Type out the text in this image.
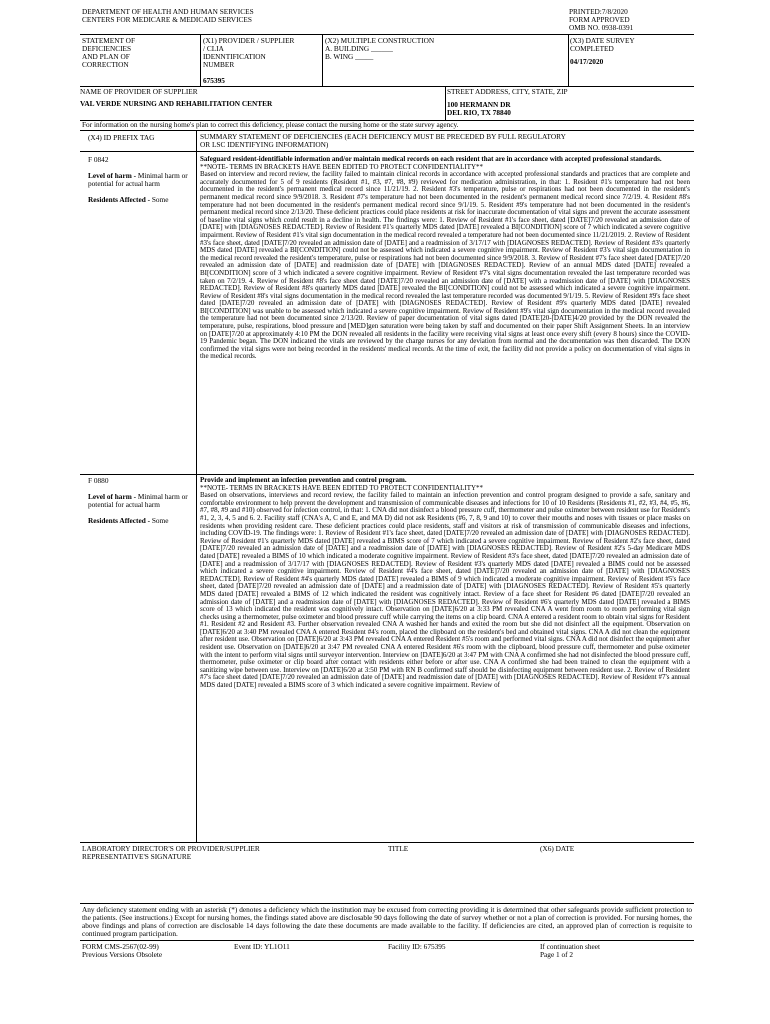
DEPARTMENT OF HEALTH AND HUMAN SERVICES
CENTERS FOR MEDICARE & MEDICAID SERVICES
PRINTED:7/8/2020
FORM APPROVED
OMB NO. 0938-0391
STATEMENT OF
DEFICIENCIES
AND PLAN OF
CORRECTION
(X1) PROVIDER / SUPPLIER
/ CLIA
IDENNTIFICATION
NUMBER
675395
(X2) MULTIPLE CONSTRUCTION
A. BUILDING ______
B. WING _____
(X3) DATE SURVEY
COMPLETED
04/17/2020
NAME OF PROVIDER OF SUPPLIER
VAL VERDE NURSING AND REHABILITATION CENTER
STREET ADDRESS, CITY, STATE, ZIP
100 HERMANN DR
DEL RIO, TX 78840
For information on the nursing home's plan to correct this deficiency, please contact the nursing home or the state survey agency.
(X4) ID PREFIX TAG	SUMMARY STATEMENT OF DEFICIENCIES (EACH DEFICIENCY MUST BE PRECEDED BY FULL REGULATORY
OR LSC IDENTIFYING INFORMATION)
F 0842
Level of harm - Minimal harm or potential for actual harm
Residents Affected - Some
Safeguard resident-identifiable information and/or maintain medical records on each resident that are in accordance with accepted professional standards.
**NOTE- TERMS IN BRACKETS HAVE BEEN EDITED TO PROTECT CONFIDENTIALITY**
Based on interview and record review, the facility failed to maintain clinical records in accordance with accepted professional standards and practices that are complete and accurately documented for 5 of 9 residents (Resident #1, #3, #7, #8, #9) reviewed for medication administration, in that: 1. Resident #1's temperature had not been documented in the resident's permanent medical record since 11/21/19. 2. Resident #3's temperature, pulse or respirations had not been documented in the resident's permanent medical record since 9/9/2018. 3. Resident #7's temperature had not been documented in the resident's permanent medical record since 7/2/19. 4. Resident #8's temperature had not been documented in the resident's permanent medical record since 9/1/19. 5. Resident #9's temperature had not been documented in the resident's permanent medical record since 2/13/20. These deficient practices could place residents at risk for inaccurate documentation of vital signs and prevent the accurate assessment of baseline vital signs which could result in a decline in health. The findings were: 1. Review of Resident #1's face sheet, dated [DATE]7/20 revealed an admission date of [DATE] with [DIAGNOSES REDACTED]. Review of Resident #1's quarterly MDS dated [DATE] revealed a BI[CONDITION] score of 7 which indicated a severe cognitive impairment. Review of Resident #1's vital sign documentation in the medical record revealed a temperature had not been documented since 11/21/2019. 2. Review of Resident #3's face sheet, dated [DATE]7/20 revealed an admission date of [DATE] and a readmission of 3/17/17 with [DIAGNOSES REDACTED]. Review of Resident #3's quarterly MDS dated [DATE] revealed a BI[CONDITION] could not be assessed which indicated a severe cognitive impairment. Review of Resident #3's vital sign documentation in the medical record revealed the resident's temperature, pulse or respirations had not been documented since 9/9/2018. 3. Review of Resident #7's face sheet dated [DATE]7/20 revealed an admission date of [DATE] and readmission date of [DATE] with [DIAGNOSES REDACTED]. Review of an annual MDS dated [DATE] revealed a BI[CONDITION] score of 3 which indicated a severe cognitive impairment. Review of Resident #7's vital signs documentation revealed the last temperature recorded was taken on 7/2/19. 4. Review of Resident #8's face sheet dated [DATE]7/20 revealed an admission date of [DATE] with a readmission date of [DATE] with [DIAGNOSES REDACTED]. Review of Resident #8's quarterly MDS dated [DATE] revealed the BI[CONDITION] could not be assessed which indicated a severe cognitive impairment. Review of Resident #8's vital signs documentation in the medical record revealed the last temperature recorded was documented 9/1/19. 5. Review of Resident #9's face sheet dated [DATE]7/20 revealed an admission date of [DATE] with [DIAGNOSES REDACTED]. Review of Resident #9's quarterly MDS dated [DATE] revealed BI[CONDITION] was unable to be assessed which indicated a severe cognitive impairment. Review of Resident #9's vital sign documentation in the medical record revealed the temperature had not been documented since 2/13/20. Review of paper documentation of vital signs dated [DATE]20-[DATE]4/20 provided by the DON revealed the temperature, pulse, respirations, blood pressure and [MED]gen saturation were being taken by staff and documented on their paper Shift Assignment Sheets. In an interview on [DATE]7/20 at approximately 4:10 PM the DON revealed all residents in the facility were receiving vital signs at least once every shift (every 8 hours) since the COVID-19 Pandemic began. The DON indicated the vitals are reviewed by the charge nurses for any deviation from normal and the documentation was then discarded. The DON confirmed the vital signs were not being recorded in the residents' medical records. At the time of exit, the facility did not provide a policy on documentation of vital signs in the medical records.
F 0880
Level of harm - Minimal harm or potential for actual harm
Residents Affected - Some
Provide and implement an infection prevention and control program.
**NOTE- TERMS IN BRACKETS HAVE BEEN EDITED TO PROTECT CONFIDENTIALITY**
Based on observations, interviews and record review, the facility failed to maintain an infection prevention and control program designed to provide a safe, sanitary and comfortable environment to help prevent the development and transmission of communicable diseases and infections for 10 of 10 Residents (Residents #1, #2, #3, #4, #5, #6, #7, #8, #9 and #10) observed for infection control, in that: 1. CNA did not disinfect a blood pressure cuff, thermometer and pulse oximeter between resident use for Resident's #1, 2, 3, 4, 5 and 6. 2. Facility staff (CNA's A, C and E, and MA D) did not ask Residents (#6, 7, 8, 9 and 10) to cover their mouths and noses with tissues or place masks on residents when providing resident care. These deficient practices could place residents, staff and visitors at risk of transmission of communicable diseases and infections, including COVID-19. The findings were: 1. Review of Resident #1's face sheet, dated [DATE]7/20 revealed an admission date of [DATE] with [DIAGNOSES REDACTED]. Review of Resident #1's quarterly MDS dated [DATE] revealed a BIMS score of 7 which indicated a severe cognitive impairment. Review of Resident #2's face sheet, dated [DATE]7/20 revealed an admission date of [DATE] and a readmission date of [DATE] with [DIAGNOSES REDACTED]. Review of Resident #2's 5-day Medicare MDS dated [DATE] revealed a BIMS of 10 which indicated a moderate cognitive impairment. Review of Resident #3's face sheet, dated [DATE]7/20 revealed an admission date of [DATE] and a readmission of 3/17/17 with [DIAGNOSES REDACTED]. Review of Resident #3's quarterly MDS dated [DATE] revealed a BIMS could not be assessed which indicated a severe cognitive impairment. Review of Resident #4's face sheet, dated [DATE]7/20 revealed an admission date of [DATE] with [DIAGNOSES REDACTED]. Review of Resident #4's quarterly MDS dated [DATE] revealed a BIMS of 9 which indicated a moderate cognitive impairment. Review of Resident #5's face sheet, dated [DATE]7/20 revealed an admission date of [DATE] and a readmission date of [DATE] with [DIAGNOSES REDACTED]. Review of Resident #5's quarterly MDS dated [DATE] revealed a BIMS of 12 which indicated the resident was cognitively intact. Review of a face sheet for Resident #6 dated [DATE]7/20 revealed an admission date of [DATE] and a readmission date of [DATE] with [DIAGNOSES REDACTED]. Review of Resident #6's quarterly MDS dated [DATE] revealed a BIMS score of 13 which indicated the resident was cognitively intact. Observation on [DATE]6/20 at 3:33 PM revealed CNA A went from room to room performing vital sign checks using a thermometer, pulse oximeter and blood pressure cuff while carrying the items on a clip board. CNA A entered a resident room to obtain vital signs for Resident #1. Resident #2 and Resident #3. Further observation revealed CNA A washed her hands and exited the room but she did not disinfect all the equipment. Observation on [DATE]6/20 at 3:40 PM revealed CNA A entered Resident #4's room, placed the clipboard on the resident's bed and obtained vital signs. CNA A did not clean the equipment after resident use. Observation on [DATE]6/20 at 3:43 PM revealed CNA A entered Resident #5's room and performed vital signs. CNA A did not disinfect the equipment after resident use. Observation on [DATE]6/20 at 3:47 PM revealed CNA A entered Resident #6's room with the clipboard, blood pressure cuff, thermometer and pulse oximeter with the intent to perform vital signs until surveyor intervention. Interview on [DATE]6/20 at 3:47 PM with CNA A confirmed she had not disinfected the blood pressure cuff, thermometer, pulse oximeter or clip board after contact with residents either before or after use. CNA A confirmed she had been trained to clean the equipment with a sanitizing wipe between use. Interview on [DATE]6/20 at 3:50 PM with RN B confirmed staff should be disinfecting equipment between resident use. 2. Review of Resident #7's face sheet dated [DATE]7/20 revealed an admission date of [DATE] and readmission date of [DATE] with [DIAGNOSES REDACTED]. Review of Resident #7's annual MDS dated [DATE] revealed a BIMS score of 3 which indicated a severe cognitive impairment. Review of
LABORATORY DIRECTOR'S OR PROVIDER/SUPPLIER
REPRESENTATIVE'S SIGNATURE
TITLE	(X6) DATE
Any deficiency statement ending with an asterisk (*) denotes a deficiency which the institution may be excused from correcting providing it is determined that other safeguards provide sufficient protection to the patients. (See instructions.) Except for nursing homes, the findings stated above are disclosable 90 days following the date of survey whether or not a plan of correction is provided. For nursing homes, the above findings and plans of correction are disclosable 14 days following the date these documents are made available to the facility. If deficiencies are cited, an approved plan of correction is requisite to continued program participation.
FORM CMS-2567(02-99)
Previous Versions Obsolete
Event ID: YL1O11	Facility ID: 675395	If continuation sheet
Page 1 of 2
